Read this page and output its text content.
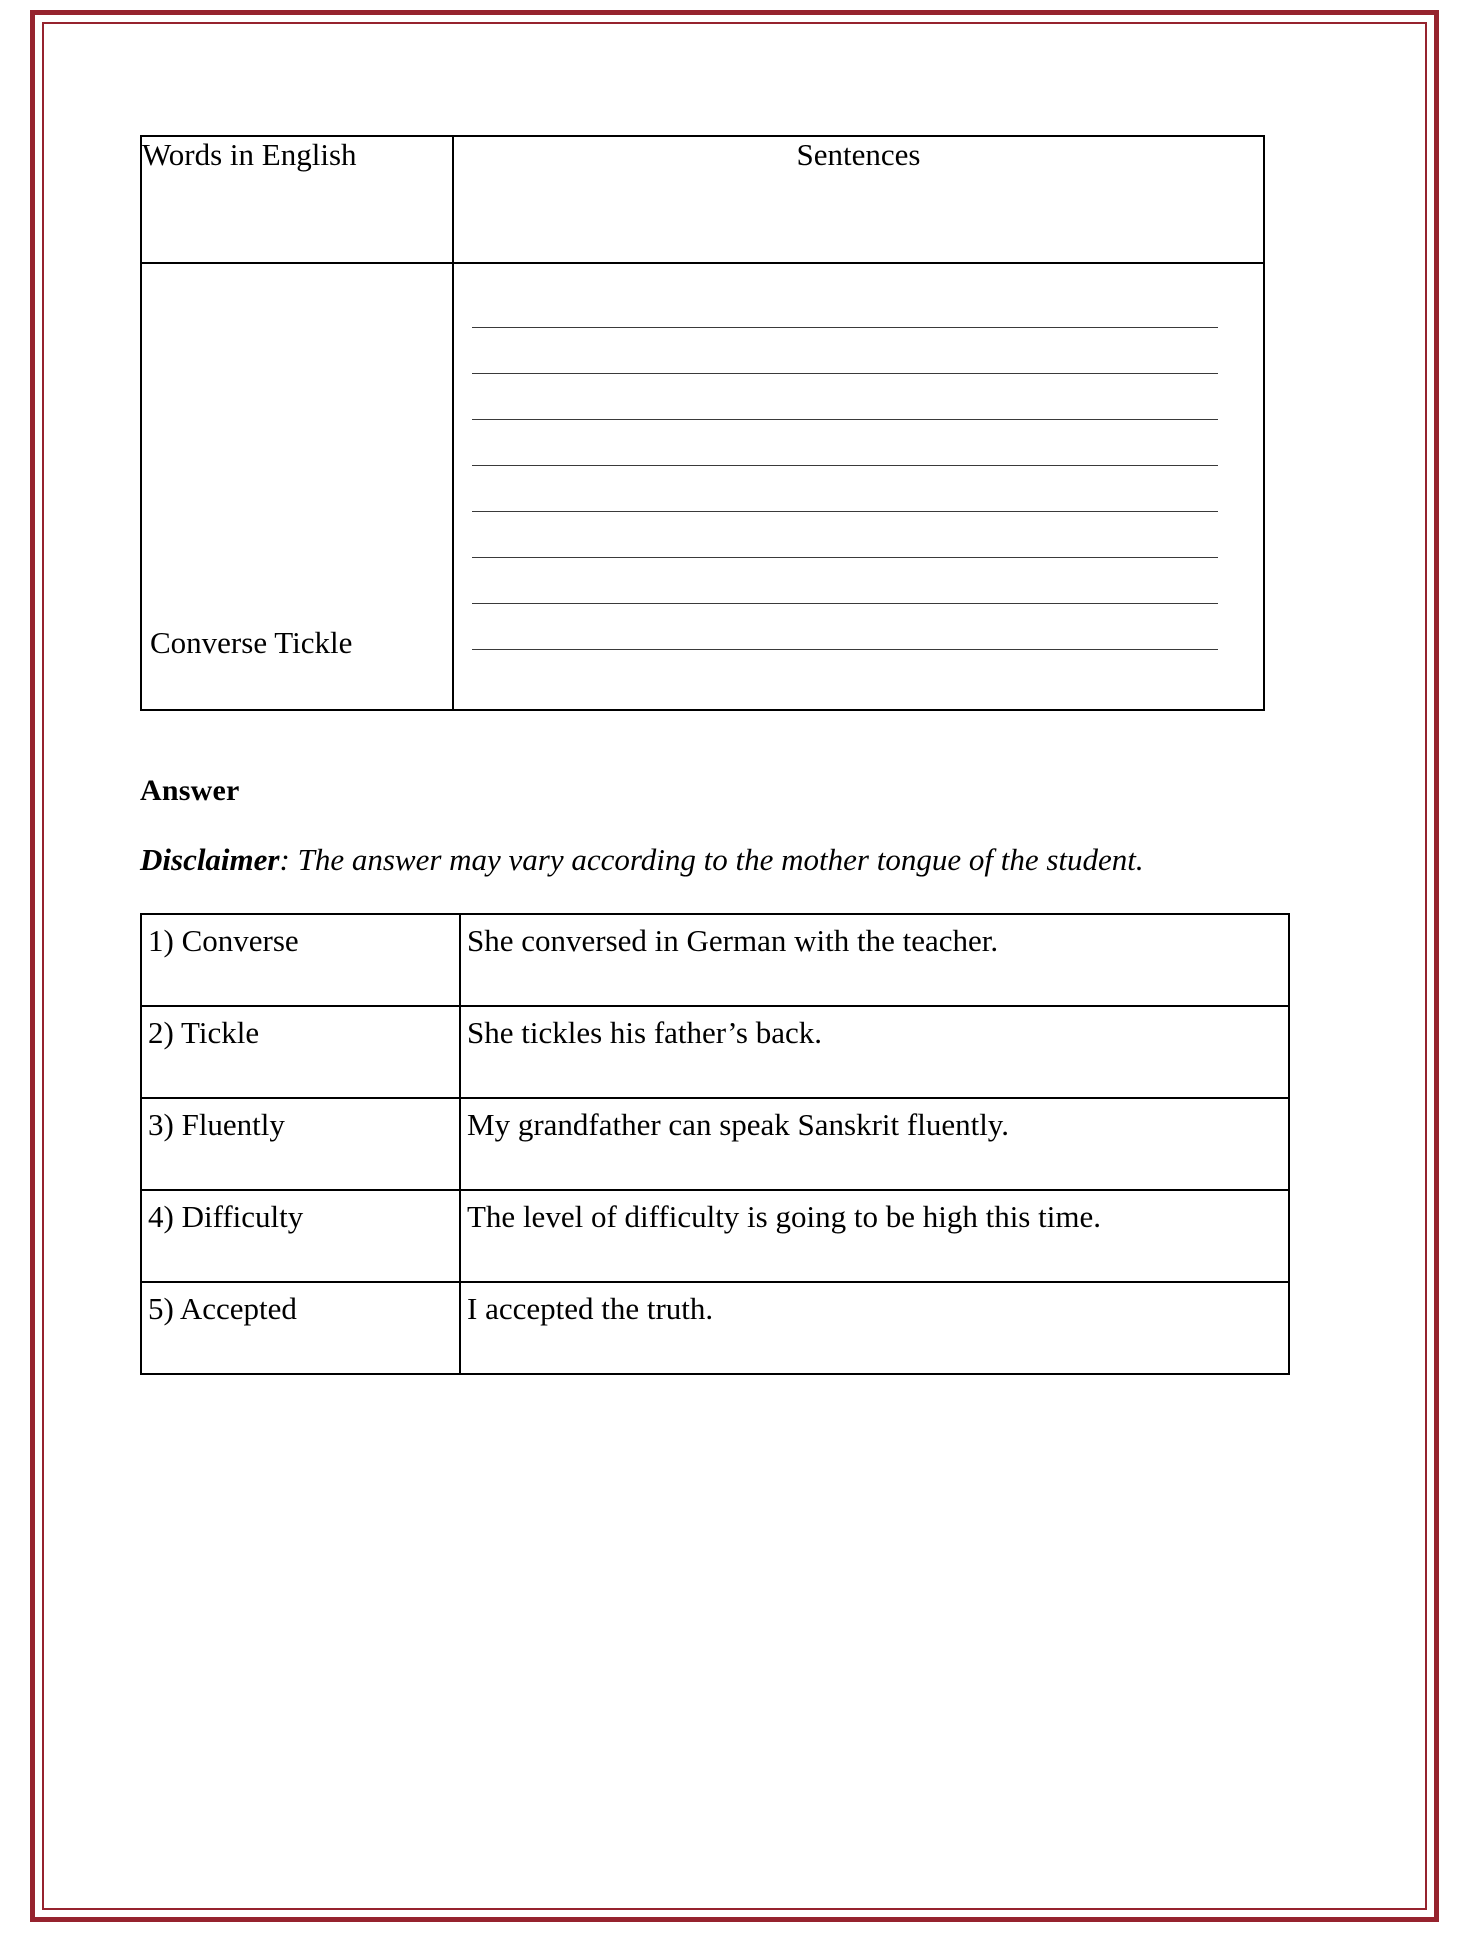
Words in English	Sentences

Converse Tickle	

Answer
Disclaimer: The answer may vary according to the mother tongue of the student.
1) Converse	She conversed in German with the teacher.
2) Tickle	She tickles his father’s back.
3) Fluently	My grandfather can speak Sanskrit fluently.
4) Difficulty	The level of difficulty is going to be high this time.
5) Accepted	I accepted the truth.
